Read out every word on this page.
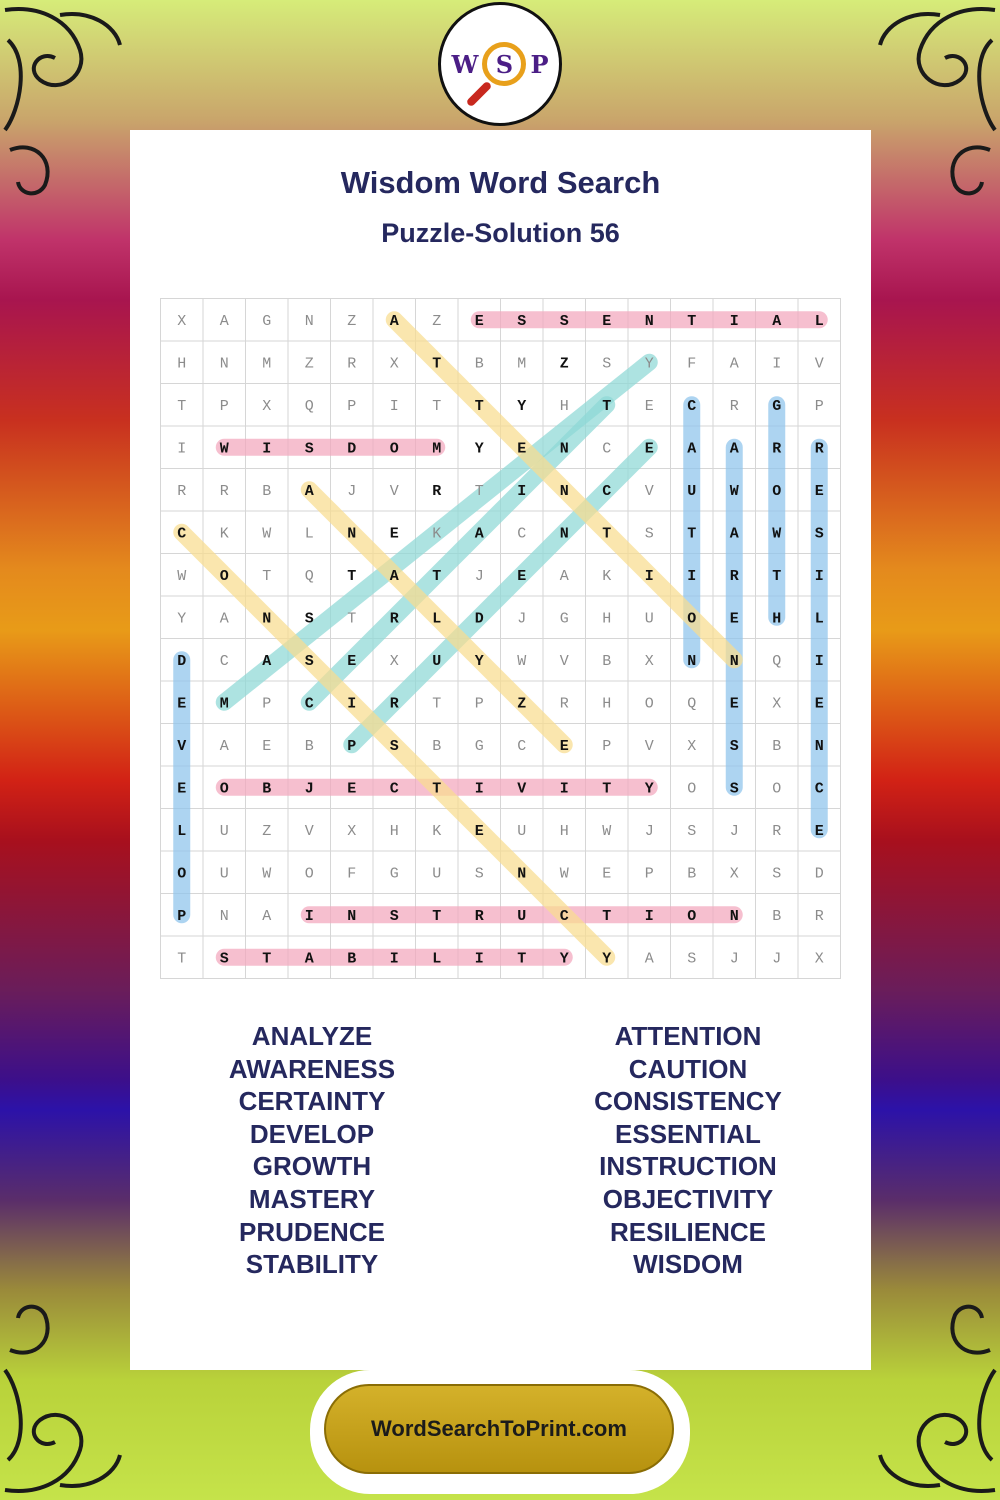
W S P
Wisdom Word Search
Puzzle-Solution 56
X A G N Z A Z E S S E N T I A L
H N M Z R X T B M Z S Y F A I V
T P X Q P I T T Y H T E C R G P
I W I S D O M Y E N C E A A R R
R R B A J V R T I N C V U W O E
C K W L N E K A C N T S T A W S
W O T Q T A T J E A K I I R T I
Y A N S T R L D J G H U O E H L
D C A S E X U Y W V B X N N Q I
E M P C I R T P Z R H O Q E X E
V A E B P S B G C E P V X S B N
E O B J E C T I V I T Y O S O C
L U Z V X H K E U H W J S J R E
O U W O F G U S N W E P B X S D
P N A I N S T R U C T I O N B R
T S T A B I L I T Y Y A S J J X
ANALYZE
AWARENESS
CERTAINTY
DEVELOP
GROWTH
MASTERY
PRUDENCE
STABILITY
ATTENTION
CAUTION
CONSISTENCY
ESSENTIAL
INSTRUCTION
OBJECTIVITY
RESILIENCE
WISDOM
WordSearchToPrint.com
